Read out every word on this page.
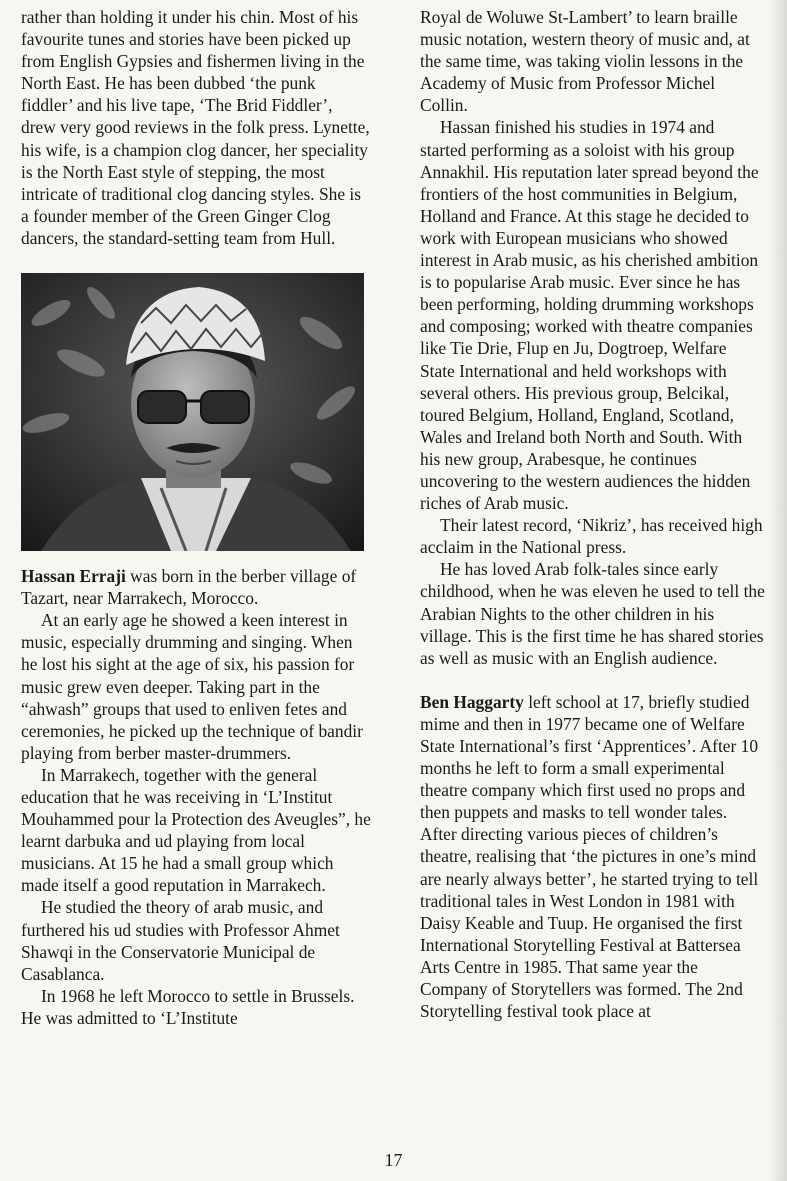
rather than holding it under his chin. Most of his favourite tunes and stories have been picked up from English Gypsies and fishermen living in the North East. He has been dubbed ‘the punk fiddler’ and his live tape, ‘The Brid Fiddler’, drew very good reviews in the folk press. Lynette, his wife, is a champion clog dancer, her speciality is the North East style of stepping, the most intricate of traditional clog dancing styles. She is a founder member of the Green Ginger Clog dancers, the standard-setting team from Hull.

Hassan Erraji was born in the berber village of Tazart, near Marrakech, Morocco.

At an early age he showed a keen interest in music, especially drumming and singing. When he lost his sight at the age of six, his passion for music grew even deeper. Taking part in the “ahwash” groups that used to enliven fetes and ceremonies, he picked up the technique of bandir playing from berber master-drummers.

In Marrakech, together with the general education that he was receiving in ‘L’Institut Mouhammed pour la Protection des Aveugles”, he learnt darbuka and ud playing from local musicians. At 15 he had a small group which made itself a good reputation in Marrakech.

He studied the theory of arab music, and furthered his ud studies with Professor Ahmet Shawqi in the Conservatorie Municipal de Casablanca.

In 1968 he left Morocco to settle in Brussels. He was admitted to ‘L’Institute

Royal de Woluwe St-Lambert’ to learn braille music notation, western theory of music and, at the same time, was taking violin lessons in the Academy of Music from Professor Michel Collin.

Hassan finished his studies in 1974 and started performing as a soloist with his group Annakhil. His reputation later spread beyond the frontiers of the host communities in Belgium, Holland and France. At this stage he decided to work with European musicians who showed interest in Arab music, as his cherished ambition is to popularise Arab music. Ever since he has been performing, holding drumming workshops and composing; worked with theatre companies like Tie Drie, Flup en Ju, Dogtroep, Welfare State International and held workshops with several others. His previous group, Belcikal, toured Belgium, Holland, England, Scotland, Wales and Ireland both North and South. With his new group, Arabesque, he continues uncovering to the western audiences the hidden riches of Arab music.

Their latest record, ‘Nikriz’, has received high acclaim in the National press.

He has loved Arab folk-tales since early childhood, when he was eleven he used to tell the Arabian Nights to the other children in his village. This is the first time he has shared stories as well as music with an English audience.

Ben Haggarty left school at 17, briefly studied mime and then in 1977 became one of Welfare State International’s first ‘Apprentices’. After 10 months he left to form a small experimental theatre company which first used no props and then puppets and masks to tell wonder tales. After directing various pieces of children’s theatre, realising that ‘the pictures in one’s mind are nearly always better’, he started trying to tell traditional tales in West London in 1981 with Daisy Keable and Tuup. He organised the first International Storytelling Festival at Battersea Arts Centre in 1985. That same year the Company of Storytellers was formed. The 2nd Storytelling festival took place at

17
